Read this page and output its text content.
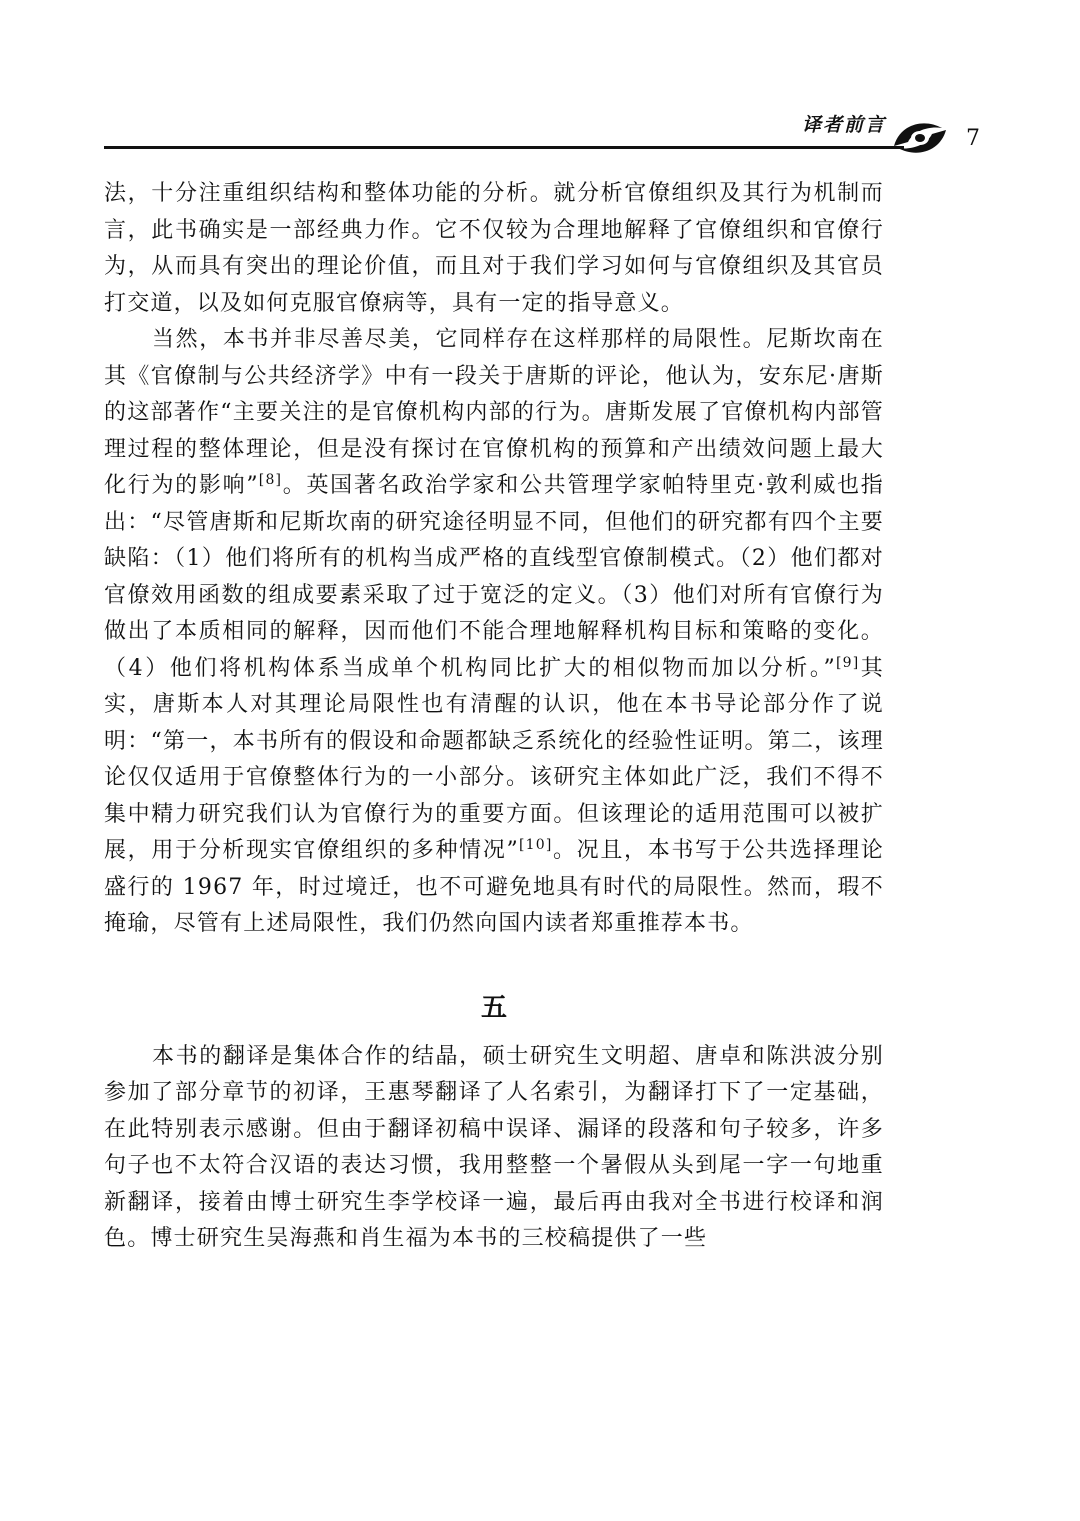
译者前言
7

法，十分注重组织结构和整体功能的分析。就分析官僚组织及其行为机制而言，此书确实是一部经典力作。它不仅较为合理地解释了官僚组织和官僚行为，从而具有突出的理论价值，而且对于我们学习如何与官僚组织及其官员打交道，以及如何克服官僚病等，具有一定的指导意义。

当然，本书并非尽善尽美，它同样存在这样那样的局限性。尼斯坎南在其《官僚制与公共经济学》中有一段关于唐斯的评论，他认为，安东尼·唐斯的这部著作“主要关注的是官僚机构内部的行为。唐斯发展了官僚机构内部管理过程的整体理论，但是没有探讨在官僚机构的预算和产出绩效问题上最大化行为的影响”[8]。英国著名政治学家和公共管理学家帕特里克·敦利威也指出：“尽管唐斯和尼斯坎南的研究途径明显不同，但他们的研究都有四个主要缺陷：（1）他们将所有的机构当成严格的直线型官僚制模式。（2）他们都对官僚效用函数的组成要素采取了过于宽泛的定义。（3）他们对所有官僚行为做出了本质相同的解释，因而他们不能合理地解释机构目标和策略的变化。（4）他们将机构体系当成单个机构同比扩大的相似物而加以分析。”[9]其实，唐斯本人对其理论局限性也有清醒的认识，他在本书导论部分作了说明：“第一，本书所有的假设和命题都缺乏系统化的经验性证明。第二，该理论仅仅适用于官僚整体行为的一小部分。该研究主体如此广泛，我们不得不集中精力研究我们认为官僚行为的重要方面。但该理论的适用范围可以被扩展，用于分析现实官僚组织的多种情况”[10]。况且，本书写于公共选择理论盛行的 1967 年，时过境迁，也不可避免地具有时代的局限性。然而，瑕不掩瑜，尽管有上述局限性，我们仍然向国内读者郑重推荐本书。

五

本书的翻译是集体合作的结晶，硕士研究生文明超、唐卓和陈洪波分别参加了部分章节的初译，王惠琴翻译了人名索引，为翻译打下了一定基础，在此特别表示感谢。但由于翻译初稿中误译、漏译的段落和句子较多，许多句子也不太符合汉语的表达习惯，我用整整一个暑假从头到尾一字一句地重新翻译，接着由博士研究生李学校译一遍，最后再由我对全书进行校译和润色。博士研究生吴海燕和肖生福为本书的三校稿提供了一些
